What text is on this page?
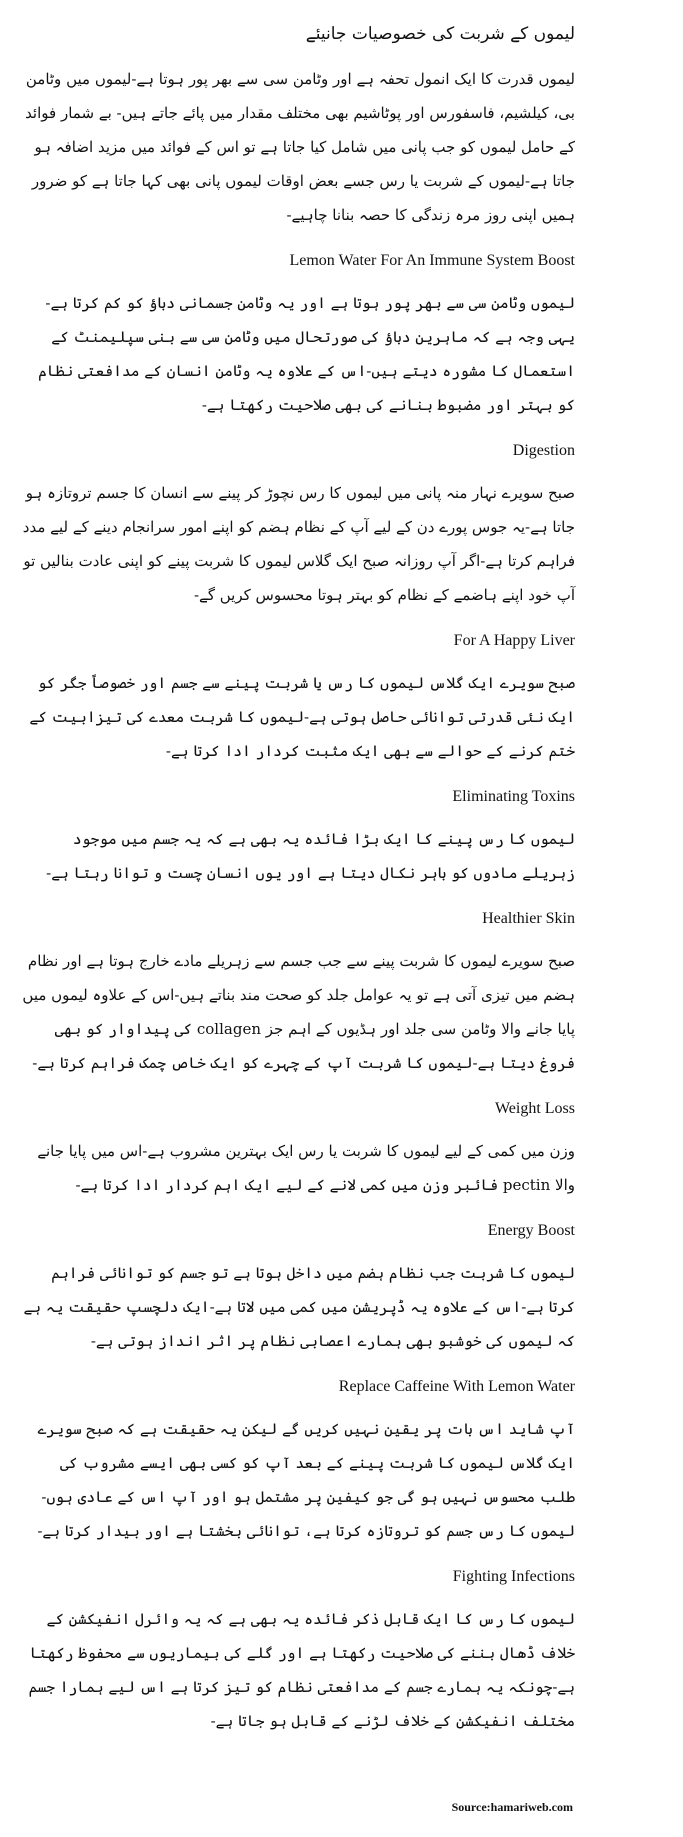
لیموں کے شربت کی خصوصیات جانیئے

لیموں قدرت کا ایک انمول تحفہ ہے اور وٹامن سی سے بھر پور ہوتا ہے-لیموں میں وٹامن بی، کیلشیم، فاسفورس اور پوٹاشیم بھی مختلف مقدار میں پائے جاتے ہیں- بے شمار فوائد کے حامل لیموں کو جب پانی میں شامل کیا جاتا ہے تو اس کے فوائد میں مزید اضافہ ہو جاتا ہے-لیموں کے شربت یا رس جسے بعض اوقات لیموں پانی بھی کہا جاتا ہے کو ضرور ہمیں اپنی روز مرہ زندگی کا حصہ بنانا چاہیے-

Lemon Water For An Immune System Boost

لیموں وٹامن سی سے بھر پور ہوتا ہے اور یہ وٹامن جسمانی دباؤ کو کم کرتا ہے-یہی وجہ ہے کہ ماہرین دباؤ کی صورتحال میں وٹامن سی سے بنی سپلیمنٹ کے استعمال کا مشورہ دیتے ہیں-اس کے علاوہ یہ وٹامن انسان کے مدافعتی نظام کو بہتر اور مضبوط بنانے کی بھی صلاحیت رکھتا ہے-

Digestion

صبح سویرے نہار منہ پانی میں لیموں کا رس نچوڑ کر پینے سے انسان کا جسم تروتازہ ہو جاتا ہے-یہ جوس پورے دن کے لیے آپ کے نظام ہضم کو اپنے امور سرانجام دینے کے لیے مدد فراہم کرتا ہے-اگر آپ روزانہ صبح ایک گلاس لیموں کا شربت پینے کو اپنی عادت بنالیں تو آپ خود اپنے ہاضمے کے نظام کو بہتر ہوتا محسوس کریں گے-

For A Happy Liver

صبح سویرے ایک گلاس لیموں کا رس یا شربت پینے سے جسم اور خصوصاً جگر کو ایک نئی قدرتی توانائی حاصل ہوتی ہے-لیموں کا شربت معدے کی تیزابیت کے ختم کرنے کے حوالے سے بھی ایک مثبت کردار ادا کرتا ہے-

Eliminating Toxins

لیموں کا رس پینے کا ایک بڑا فائدہ یہ بھی ہے کہ یہ جسم میں موجود زہریلے مادوں کو باہر نکال دیتا ہے اور یوں انسان چست و توانا رہتا ہے-

Healthier Skin

صبح سویرے لیموں کا شربت پینے سے جب جسم سے زہریلے مادے خارج ہوتا ہے اور نظام ہضم میں تیزی آتی ہے تو یہ عوامل جلد کو صحت مند بناتے ہیں-اس کے علاوہ لیموں میں پایا جانے والا وٹامن سی جلد اور ہڈیوں کے اہم جز collagen کی پیداوار کو بھی فروغ دیتا ہے-لیموں کا شربت آپ کے چہرے کو ایک خاص چمک فراہم کرتا ہے-

Weight Loss

وزن میں کمی کے لیے لیموں کا شربت یا رس ایک بہترین مشروب ہے-اس میں پایا جانے والا pectin فائبر وزن میں کمی لانے کے لیے ایک اہم کردار ادا کرتا ہے-

Energy Boost

لیموں کا شربت جب نظام ہضم میں داخل ہوتا ہے تو جسم کو توانائی فراہم کرتا ہے-اس کے علاوہ یہ ڈپریشن میں کمی میں لاتا ہے-ایک دلچسپ حقیقت یہ ہے کہ لیموں کی خوشبو بھی ہمارے اعصابی نظام پر اثر انداز ہوتی ہے-

Replace Caffeine With Lemon Water

آپ شاید اس بات پر یقین نہیں کریں گے لیکن یہ حقیقت ہے کہ صبح سویرے ایک گلاس لیموں کا شربت پینے کے بعد آپ کو کسی بھی ایسے مشروب کی طلب محسوس نہیں ہو گی جو کیفین پر مشتمل ہو اور آپ اس کے عادی ہوں-لیموں کا رس جسم کو تروتازہ کرتا ہے، توانائی بخشتا ہے اور بیدار کرتا ہے-

Fighting Infections

لیموں کا رس کا ایک قابل ذکر فائدہ یہ بھی ہے کہ یہ وائرل انفیکشن کے خلاف ڈھال بننے کی صلاحیت رکھتا ہے اور گلے کی بیماریوں سے محفوظ رکھتا ہے-چونکہ یہ ہمارے جسم کے مدافعتی نظام کو تیز کرتا ہے اس لیے ہمارا جسم مختلف انفیکشن کے خلاف لڑنے کے قابل ہو جاتا ہے-

Source:hamariweb.com
